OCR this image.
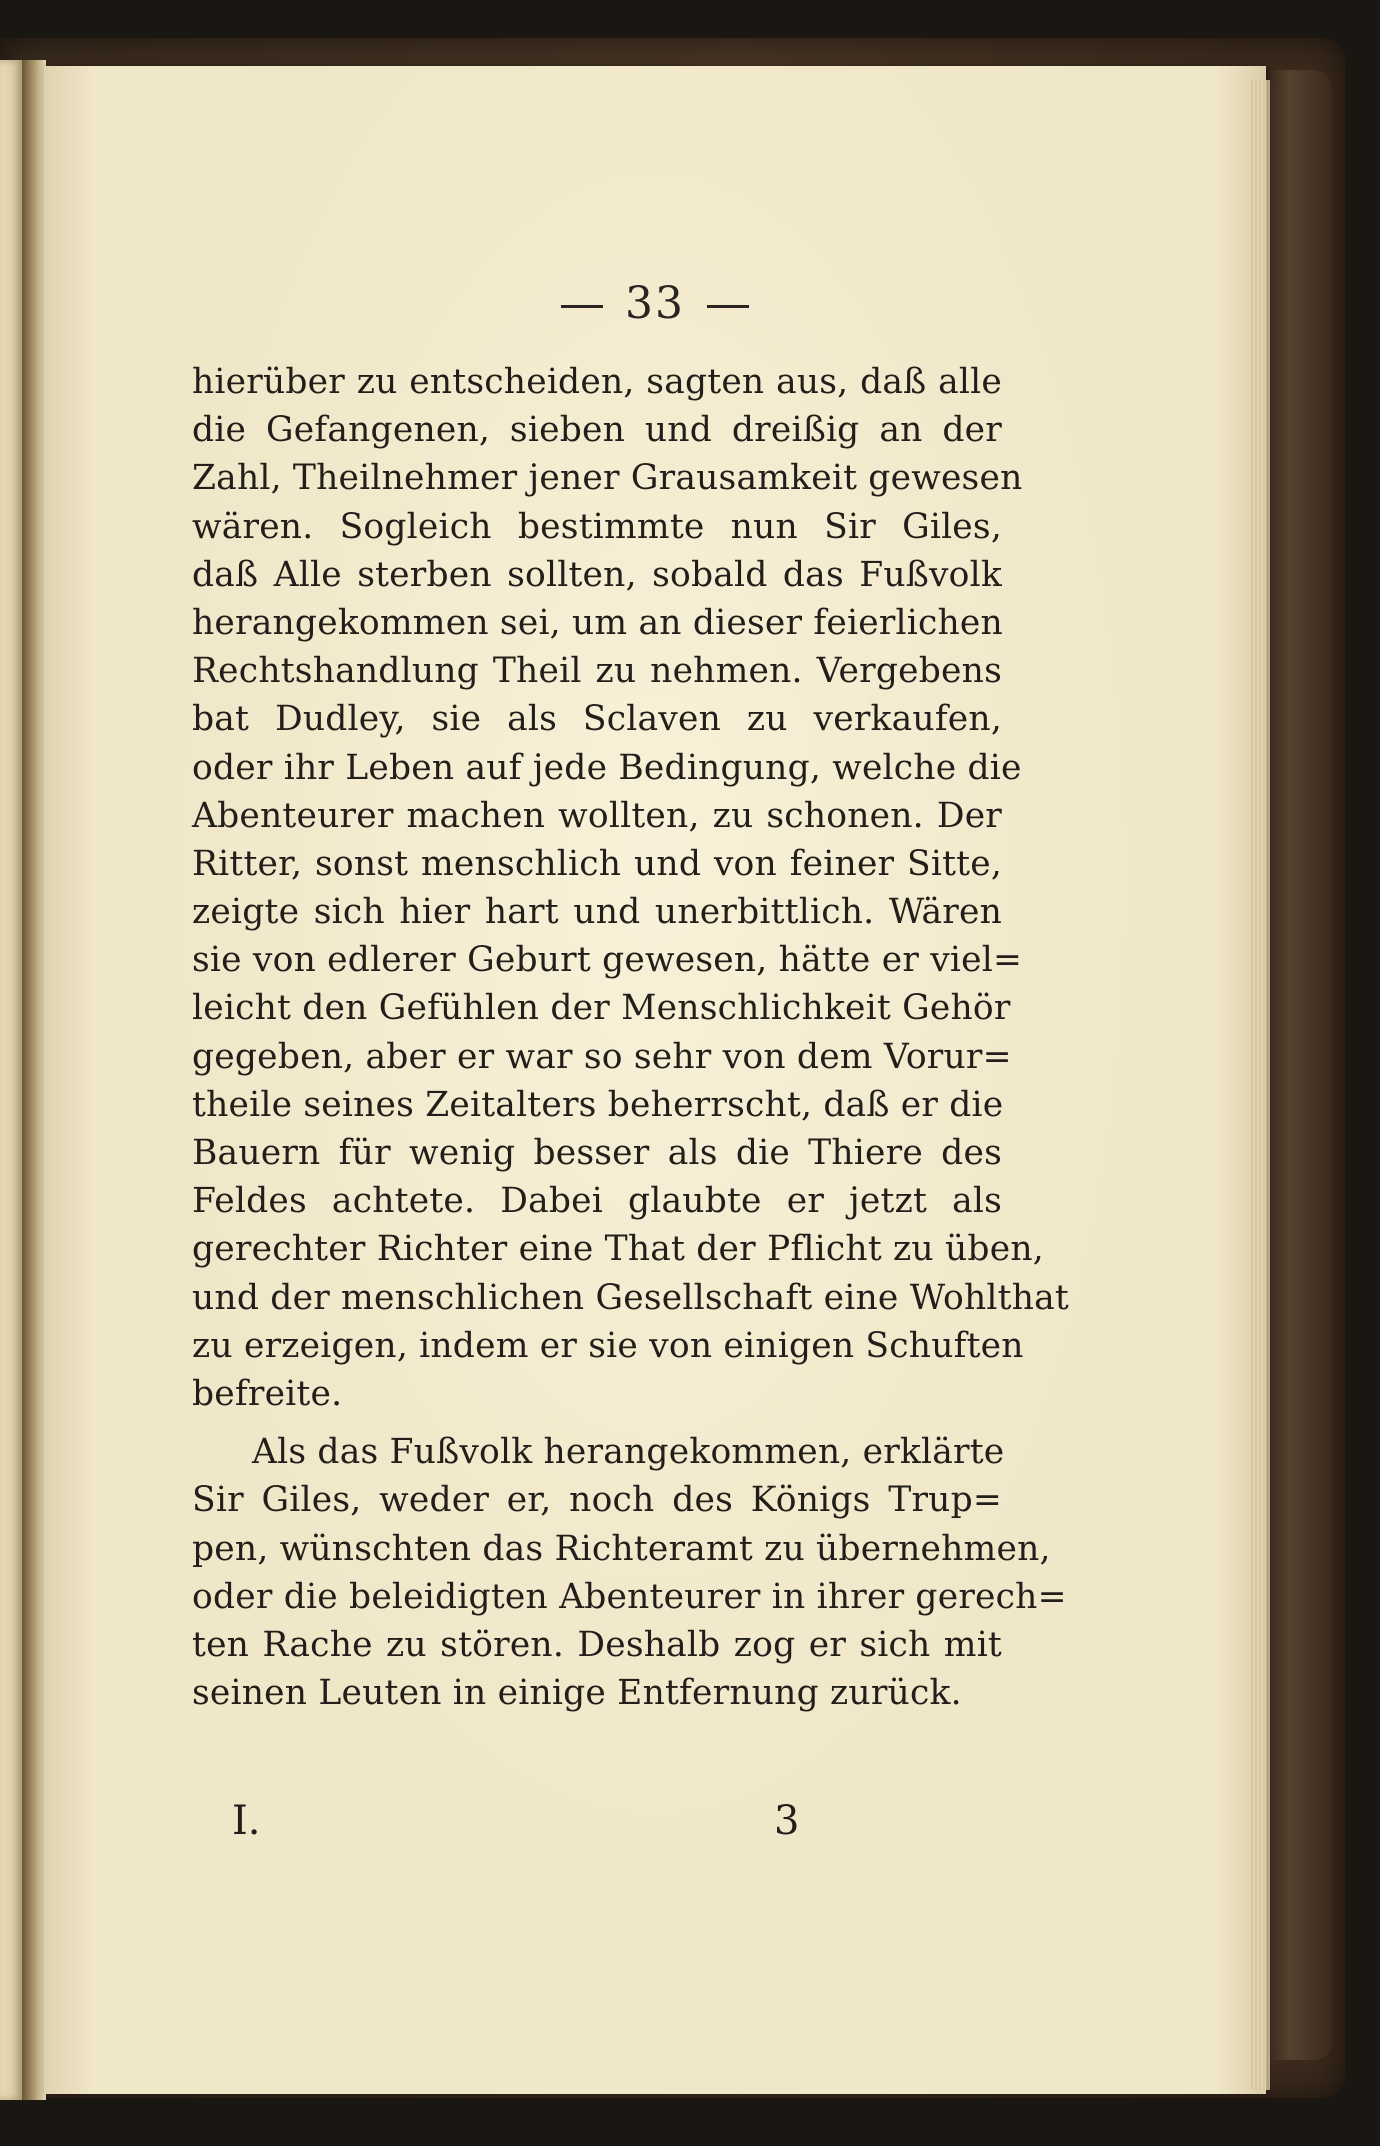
33
hierüber zu entscheiden, sagten aus, daß alle
die Gefangenen, sieben und dreißig an der
Zahl, Theilnehmer jener Grausamkeit gewesen
wären. Sogleich bestimmte nun Sir Giles,
daß Alle sterben sollten, sobald das Fußvolk
herangekommen sei, um an dieser feierlichen
Rechtshandlung Theil zu nehmen. Vergebens
bat Dudley, sie als Sclaven zu verkaufen,
oder ihr Leben auf jede Bedingung, welche die
Abenteurer machen wollten, zu schonen. Der
Ritter, sonst menschlich und von feiner Sitte,
zeigte sich hier hart und unerbittlich. Wären
sie von edlerer Geburt gewesen, hätte er viel=
leicht den Gefühlen der Menschlichkeit Gehör
gegeben, aber er war so sehr von dem Vorur=
theile seines Zeitalters beherrscht, daß er die
Bauern für wenig besser als die Thiere des
Feldes achtete. Dabei glaubte er jetzt als
gerechter Richter eine That der Pflicht zu üben,
und der menschlichen Gesellschaft eine Wohlthat
zu erzeigen, indem er sie von einigen Schuften
befreite.
Als das Fußvolk herangekommen, erklärte
Sir Giles, weder er, noch des Königs Trup=
pen, wünschten das Richteramt zu übernehmen,
oder die beleidigten Abenteurer in ihrer gerech=
ten Rache zu stören. Deshalb zog er sich mit
seinen Leuten in einige Entfernung zurück.
I.	3
